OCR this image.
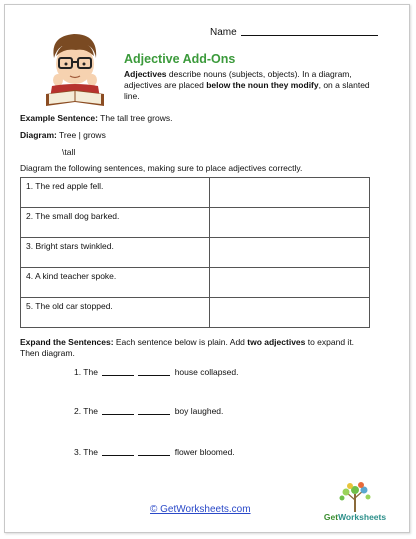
Name
Adjective Add-Ons
Adjectives describe nouns (subjects, objects). In a diagram, adjectives are placed below the noun they modify, on a slanted line.
Example Sentence: The tall tree grows.
Diagram: Tree | grows
\tall
Diagram the following sentences, making sure to place adjectives correctly.
1. The red apple fell.	
2. The small dog barked.	
3. Bright stars twinkled.	
4. A kind teacher spoke.	
5. The old car stopped.	
Expand the Sentences: Each sentence below is plain. Add two adjectives to expand it. Then diagram.
1. The	house collapsed.
2. The	boy laughed.
3. The	flower bloomed.
© GetWorksheets.com
GetWorksheets
